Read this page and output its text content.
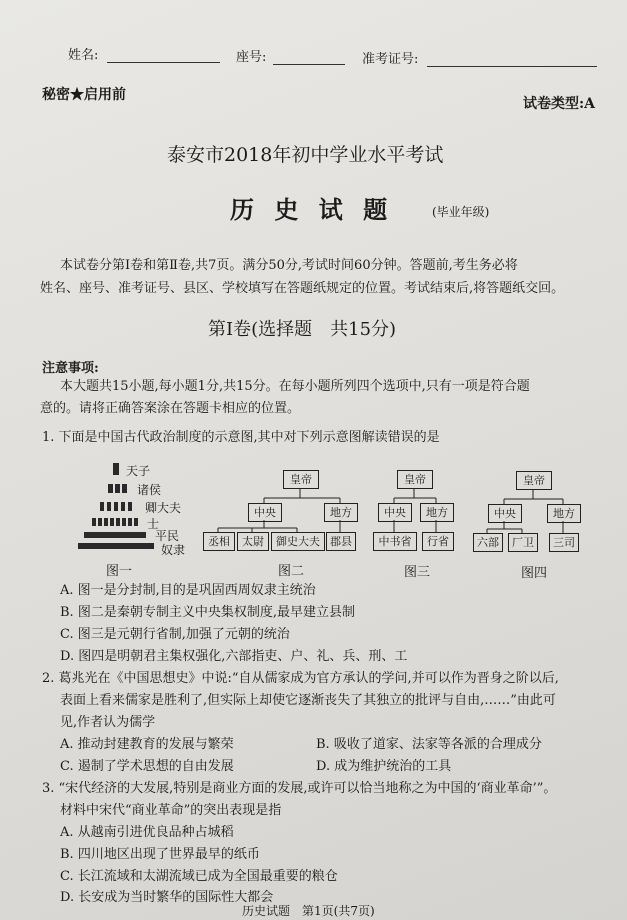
姓名:	座号:	准考证号:
秘密★启用前
试卷类型:A
泰安市2018年初中学业水平考试
历 史 试 题	(毕业年级)
本试卷分第Ⅰ卷和第Ⅱ卷,共7页。满分50分,考试时间60分钟。答题前,考生务必将
姓名、座号、准考证号、县区、学校填写在答题纸规定的位置。考试结束后,将答题纸交回。
第Ⅰ卷(选择题　共15分)
注意事项:
本大题共15小题,每小题1分,共15分。在每小题所列四个选项中,只有一项是符合题
意的。请将正确答案涂在答题卡相应的位置。
1. 下面是中国古代政治制度的示意图,其中对下列示意图解读错误的是
天子
诸侯
卿大夫
士
平民
奴隶
图一
皇帝
中央	地方
丞相	太尉	御史大夫 郡县
图二
皇帝
中央	地方
中书省	行省
图三
皇帝
中央	地方
六部	厂卫	三司
图四
A. 图一是分封制,目的是巩固西周奴隶主统治
B. 图二是秦朝专制主义中央集权制度,最早建立县制
C. 图三是元朝行省制,加强了元朝的统治
D. 图四是明朝君主集权强化,六部指吏、户、礼、兵、刑、工
2. 葛兆光在《中国思想史》中说:“自从儒家成为官方承认的学问,并可以作为晋身之阶以后,
表面上看来儒家是胜利了,但实际上却使它逐渐丧失了其独立的批评与自由,……”由此可
见,作者认为儒学
A. 推动封建教育的发展与繁荣	B. 吸收了道家、法家等各派的合理成分
C. 遏制了学术思想的自由发展	D. 成为维护统治的工具
3. “宋代经济的大发展,特别是商业方面的发展,或许可以恰当地称之为中国的‘商业革命’”。
材料中宋代“商业革命”的突出表现是指
A. 从越南引进优良品种占城稻
B. 四川地区出现了世界最早的纸币
C. 长江流域和太湖流域已成为全国最重要的粮仓
D. 长安成为当时繁华的国际性大都会
历史试题　第1页(共7页)
